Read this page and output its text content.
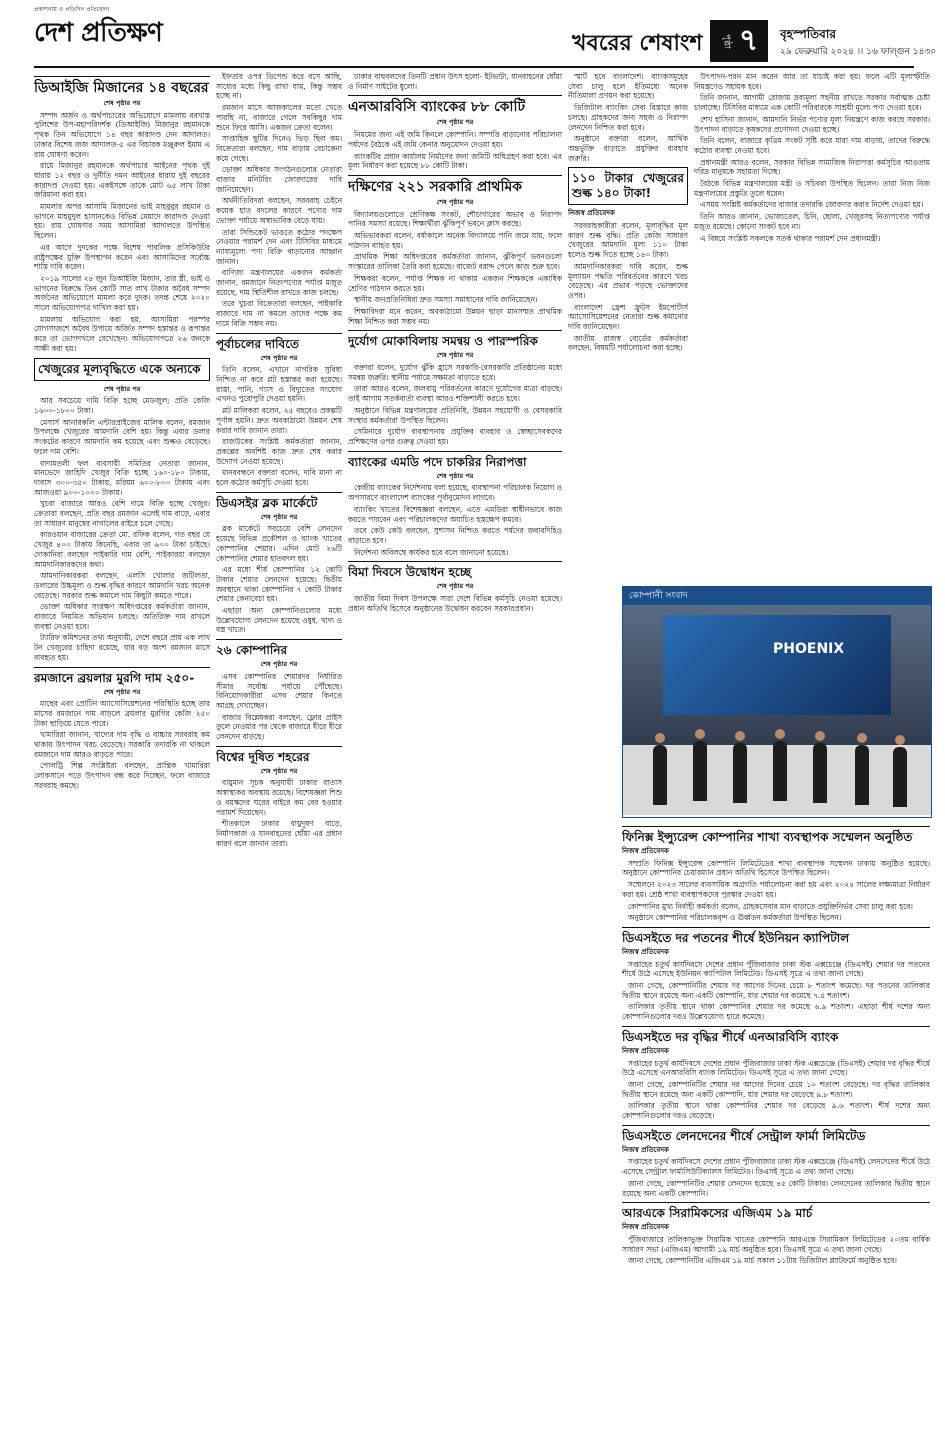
প্রকাশনায় ও প্রতিদিন প্রতিবেদন
দেশ প্রতিক্ষণ	খবরের শেষাংশ পৃষ্ঠা ৭ বৃহস্পতিবার
২৯ ফেব্রুয়ারি ২০২৪ ।। ১৬ ফাল্গুন ১৪৩০
ডিআইজি মিজানের ১৪ বছরের
শেষ পৃষ্ঠার পর

সম্পদ অর্জন ও অর্থপাচারের অভিযোগে মামলায় বরখাস্ত পুলিশের উপ-মহাপরিদর্শক (ডিআইজি) মিজানুর রহমানকে পৃথক তিন অভিযোগে ১৪ বছর কারাদণ্ড দেন আদালত। ঢাকার বিশেষ জজ আদালত-৫ এর বিচারক মঞ্জুরুল ইমাম এ রায় ঘোষণা করেন।

রায়ে মিজানুর রহমানকে অর্থপাচার আইনের পৃথক দুই ধারায় ১২ বছর ও দুর্নীতি দমন আইনের ধারায় দুই বছরের কারাদণ্ড দেওয়া হয়। একইসঙ্গে তাকে মোট ৬৫ লাখ টাকা জরিমানা করা হয়।

মামলার অপর আসামি মিজানের ভাই মাহবুবুর রহমান ও ভাগনে মাহমুদুল হাসানকেও বিভিন্ন মেয়াদে কারাদণ্ড দেওয়া হয়। রায় ঘোষণার সময় আসামিরা আদালতে উপস্থিত ছিলেন।

এর আগে দুদকের পক্ষে বিশেষ পাবলিক প্রসিকিউটর রাষ্ট্রপক্ষের যুক্তি উপস্থাপন করেন এবং আসামিদের সর্বোচ্চ শাস্তি দাবি করেন।

২০১৯ সালের ২৪ জুন ডিআইজি মিজান, তার স্ত্রী, ভাই ও ভাগনের বিরুদ্ধে তিন কোটি সাত লাখ টাকার অবৈধ সম্পদ অর্জনের অভিযোগে মামলা করে দুদক। তদন্ত শেষে ২০২০ সালে অভিযোগপত্র দাখিল করা হয়।

মামলায় অভিযোগ করা হয়, আসামিরা পরস্পর যোগসাজশে অবৈধ উপায়ে অর্জিত সম্পদ হস্তান্তর ও রূপান্তর করে তা ভোগদখলে রেখেছেন। অভিযোগপত্রে ২৬ জনকে সাক্ষী করা হয়।

খেজুরের মূল্যবৃদ্ধিতে একে অন্যকে
শেষ পৃষ্ঠার পর

আর সবচেয়ে দামি বিক্রি হচ্ছে মেডজুল; প্রতি কেজি ১৬০০-১৮০০ টাকা।

মেসার্স আনারকলি এন্টারপ্রাইজের মালিক বলেন, রমজান উপলক্ষে খেজুরের আমদানি বেশি হয়। কিন্তু এবার ডলার সংকটের কারণে আমদানি কম হয়েছে এবং শুল্কও বেড়েছে। ফলে দাম বেশি।

বাদামতলী ফল ব্যবসায়ী সমিতির নেতারা জানান, মানভেদে জাহিদি খেজুর বিক্রি হচ্ছে ১৬০-১৮০ টাকায়, দাবাস ৩০০-৩৫০ টাকায়, মরিয়ম ৬০০-৮০০ টাকায় এবং আজওয়া ৯০০-১০০০ টাকায়।

খুচরা বাজারে আরও বেশি দামে বিক্রি হচ্ছে খেজুর। ক্রেতারা বলছেন, প্রতি বছর রমজান এলেই দাম বাড়ে, এবার তা সাধারণ মানুষের নাগালের বাইরে চলে গেছে।

কারওয়ান বাজারের ক্রেতা মো. রফিক বলেন, গত বছর যে খেজুর ৪০০ টাকায় কিনেছি, এবার তা ৬০০ টাকা চাইছে। দোকানিরা বলছেন পাইকারি দাম বেশি, পাইকাররা বলছেন আমদানিকারকদের কথা।

আমদানিকারকরা বলছেন, এলসি খোলার জটিলতা, ডলারের উচ্চমূল্য ও শুল্ক বৃদ্ধির কারণে আমদানি খরচ অনেক বেড়েছে। সরকার শুল্ক কমালে দাম কিছুটা কমতে পারে।

ভোক্তা অধিকার সংরক্ষণ অধিদপ্তরের কর্মকর্তারা জানান, বাজারে নিয়মিত অভিযান চলছে। অতিরিক্ত দাম রাখলে ব্যবস্থা নেওয়া হবে।

ট্যারিফ কমিশনের তথ্য অনুযায়ী, দেশে বছরে প্রায় এক লাখ টন খেজুরের চাহিদা রয়েছে, যার বড় অংশ রমজান মাসে ব্যবহৃত হয়।

রমজানে ব্রয়লার মুরগি দাম ২৫০-
শেষ পৃষ্ঠার পর

মাছের এবং প্রোটিন অ্যাসোসিয়েশনের পরিস্থিতি হচ্ছে তার মাসের রমজানে দাম বাড়লে ব্রয়লার মুরগির কেজি ২৫০ টাকা ছাড়িয়ে যেতে পারে।

খামারিরা জানান, খাদ্যের দাম বৃদ্ধি ও বাচ্চার সরবরাহ কম থাকায় উৎপাদন খরচ বেড়েছে। সরকারি তদারকি না থাকলে রমজানে দাম আরও বাড়তে পারে।

পোলট্রি শিল্প সংশ্লিষ্টরা বলছেন, প্রান্তিক খামারিরা লোকসানে পড়ে উৎপাদন বন্ধ করে দিচ্ছেন, ফলে বাজারে সরবরাহ কমছে।

ইফতার ওপর ডিপেন্ড করে বসে আছি, সাধ্যের মধ্যে কিছু রাখা যায়, কিন্তু সম্ভব হচ্ছে না।

রমজান মাসে আজকালের মতো খেতে পারছি না, বাজারে গেলে সবকিছুর দাম শুনে ফিরে আসি। একজন ক্রেতা বলেন।

সাপ্তাহিক ছুটির দিনেও ভিড় ছিল কম। বিক্রেতারা বলছেন, দাম বাড়ায় বেচাকেনা কমে গেছে।

ভোক্তা অধিকার সংগঠনগুলোর নেতারা বাজার মনিটরিং জোরদারের দাবি জানিয়েছেন।

অর্থনীতিবিদরা বলছেন, সরবরাহ চেইনে কয়েক হাত বদলের কারণে পণ্যের দাম ভোক্তা পর্যায়ে অস্বাভাবিক বেড়ে যায়।

তারা সিন্ডিকেট ভাঙতে কঠোর পদক্ষেপ নেওয়ার পরামর্শ দেন এবং টিসিবির মাধ্যমে ন্যায্যমূল্যে পণ্য বিক্রি বাড়ানোর আহ্বান জানান।

বাণিজ্য মন্ত্রণালয়ের একজন কর্মকর্তা জানান, রমজানে নিত্যপণ্যের পর্যাপ্ত মজুত রয়েছে, দাম স্থিতিশীল রাখতে কাজ চলছে।

তবে খুচরা বিক্রেতারা বলছেন, পাইকারি বাজারে দাম না কমলে তাদের পক্ষে কম দামে বিক্রি সম্ভব নয়।

পূর্বাচলের দাবিতে
শেষ পৃষ্ঠার পর

তিনি বলেন, এখানে নাগরিক সুবিধা নিশ্চিত না করে প্লট হস্তান্তর করা হয়েছে। রাস্তা, পানি, গ্যাস ও বিদ্যুতের সংযোগ এখনও পুরোপুরি দেওয়া হয়নি।

প্লট মালিকরা বলেন, ২৫ বছরেও প্রকল্পটি পূর্ণাঙ্গ হয়নি। দ্রুত অবকাঠামো উন্নয়ন শেষ করার দাবি জানান তারা।

রাজউকের সংশ্লিষ্ট কর্মকর্তারা জানান, প্রকল্পের অবশিষ্ট কাজ দ্রুত শেষ করার উদ্যোগ নেওয়া হয়েছে।

মানববন্ধনে বক্তারা বলেন, দাবি মানা না হলে কঠোর কর্মসূচি দেওয়া হবে।

ডিএসইর ব্লক মার্কেটে
শেষ পৃষ্ঠার পর

ব্লক মার্কেটে সবচেয়ে বেশি লেনদেন হয়েছে বিভিন্ন প্রকৌশল ও ব্যাংক খাতের কোম্পানির শেয়ার। এদিন মোট ২৬টি কোম্পানির শেয়ার হাতবদল হয়।

এর মধ্যে শীর্ষ কোম্পানির ১২ কোটি টাকার শেয়ার লেনদেন হয়েছে। দ্বিতীয় অবস্থানে থাকা কোম্পানির ৭ কোটি টাকার শেয়ার কেনাবেচা হয়।

এছাড়া অন্য কোম্পানিগুলোর মধ্যে উল্লেখযোগ্য লেনদেন হয়েছে ওষুধ, খাদ্য ও বস্ত্র খাতে।

২৬ কোম্পানির
শেষ পৃষ্ঠার পর

এসব কোম্পানির শেয়ারদর নির্ধারিত সীমার সর্বোচ্চ পর্যায়ে পৌঁছেছে। বিনিয়োগকারীরা এসব শেয়ার কিনতে আগ্রহ দেখাচ্ছেন।

বাজার বিশ্লেষকরা বলছেন, ফ্লোর প্রাইস তুলে নেওয়ার পর থেকে বাজারে ধীরে ধীরে লেনদেন বাড়ছে।

বিশ্বের দূষিত শহরের
শেষ পৃষ্ঠার পর

বায়ুমান সূচক অনুযায়ী ঢাকার বাতাস অস্বাস্থ্যকর অবস্থায় রয়েছে। বিশেষজ্ঞরা শিশু ও বয়স্কদের ঘরের বাইরে কম বের হওয়ার পরামর্শ দিয়েছেন।

শীতকালে ঢাকার বায়ুদূষণ বাড়ে, নির্মাণকাজ ও যানবাহনের ধোঁয়া এর প্রধান কারণ বলে জানান তারা।

ঢাকার বাহুবলদের তিনটি প্রধান উৎস হলো- ইটভাটা, যানবাহনের ধোঁয়া ও নির্মাণ সাইটের ধুলো।

এনআরবিসি ব্যাংকের ৮৮ কোটি
শেষ পৃষ্ঠার পর

নিয়মের জন্য এই জমি কিনলে কোম্পানি। সম্পত্তি বাড়ানোর পরিচালনা পর্ষদের বৈঠকে এই জমি কেনার অনুমোদন দেওয়া হয়।

ব্যাংকটির প্রধান কার্যালয় নির্মাণের জন্য জমিটি অধিগ্রহণ করা হবে। এর মূল্য নির্ধারণ করা হয়েছে ৮৮ কোটি টাকা।

দক্ষিণের ২২১ সরকারি প্রাথমিক
শেষ পৃষ্ঠার পর

বিদ্যালয়গুলোতে শ্রেণিকক্ষ সংকট, শৌচাগারের অভাব ও নিরাপদ পানির সমস্যা রয়েছে। শিক্ষার্থীরা ঝুঁকিপূর্ণ ভবনে ক্লাস করছে।

অভিভাবকরা বলেন, বর্ষাকালে অনেক বিদ্যালয়ে পানি জমে যায়, ফলে পাঠদান ব্যাহত হয়।

প্রাথমিক শিক্ষা অধিদপ্তরের কর্মকর্তারা জানান, ঝুঁকিপূর্ণ ভবনগুলো সংস্কারের তালিকা তৈরি করা হয়েছে। বাজেট বরাদ্দ পেলে কাজ শুরু হবে।

শিক্ষকরা বলেন, পর্যাপ্ত শিক্ষক না থাকায় একজন শিক্ষককে একাধিক শ্রেণির পাঠদান করতে হয়।

স্থানীয় জনপ্রতিনিধিরা দ্রুত সমস্যা সমাধানের দাবি জানিয়েছেন।

শিক্ষাবিদরা মনে করেন, অবকাঠামো উন্নয়ন ছাড়া মানসম্মত প্রাথমিক শিক্ষা নিশ্চিত করা সম্ভব নয়।

দুর্যোগ মোকাবিলায় সমন্বয় ও পারস্পরিক
শেষ পৃষ্ঠার পর

বক্তারা বলেন, দুর্যোগ ঝুঁকি হ্রাসে সরকারি-বেসরকারি প্রতিষ্ঠানের মধ্যে সমন্বয় জরুরি। স্থানীয় পর্যায়ে সক্ষমতা বাড়াতে হবে।

তারা আরও বলেন, জলবায়ু পরিবর্তনের কারণে দুর্যোগের মাত্রা বাড়ছে। তাই আগাম সতর্কবার্তা ব্যবস্থা আরও শক্তিশালী করতে হবে।

অনুষ্ঠানে বিভিন্ন মন্ত্রণালয়ের প্রতিনিধি, উন্নয়ন সহযোগী ও বেসরকারি সংস্থার কর্মকর্তারা উপস্থিত ছিলেন।

সেমিনারে দুর্যোগ ব্যবস্থাপনায় প্রযুক্তির ব্যবহার ও স্বেচ্ছাসেবকদের প্রশিক্ষণের ওপর গুরুত্ব দেওয়া হয়।

ব্যাংকের এমডি পদে চাকরির নিরাপত্তা
শেষ পৃষ্ঠার পর

কেন্দ্রীয় ব্যাংকের নির্দেশনায় বলা হয়েছে, ব্যবস্থাপনা পরিচালক নিয়োগ ও অপসারণে বাংলাদেশ ব্যাংকের পূর্বানুমোদন লাগবে।

ব্যাংকিং খাতের বিশেষজ্ঞরা বলছেন, এতে এমডিরা স্বাধীনভাবে কাজ করতে পারবেন এবং পরিচালকদের অযাচিত হস্তক্ষেপ কমবে।

তবে কেউ কেউ বলছেন, সুশাসন নিশ্চিত করতে পর্ষদের জবাবদিহিও বাড়াতে হবে।

নির্দেশনা অবিলম্বে কার্যকর হবে বলে জানানো হয়েছে।

বিমা দিবসে উদ্বোধন হচ্ছে
শেষ পৃষ্ঠার পর

জাতীয় বিমা দিবস উপলক্ষে সারা দেশে বিভিন্ন কর্মসূচি নেওয়া হয়েছে। প্রধান অতিথি হিসেবে অনুষ্ঠানের উদ্বোধন করবেন সরকারপ্রধান।

স্মার্ট হবে বাংলাদেশ। ব্যাংকসমূহের সেবা চালু হলে ইতিমধ্যে অনেক নীতিমালা প্রণয়ন করা হয়েছে।

ডিজিটাল ব্যাংকিং সেবা বিস্তারে কাজ চলছে। গ্রাহকদের জন্য সহজ ও নিরাপদ লেনদেন নিশ্চিত করা হবে।

অনুষ্ঠানে বক্তারা বলেন, আর্থিক অন্তর্ভুক্তি বাড়াতে প্রযুক্তির ব্যবহার জরুরি।

১১০ টাকার খেজুরের শুল্ক ১৪০ টাকা!
নিজস্ব প্রতিবেদক

সরবরাহকারীরা বলেন, মূল্যবৃদ্ধির মূল কারণ শুল্ক বৃদ্ধি। প্রতি কেজি সাধারণ খেজুরের আমদানি মূল্য ১১০ টাকা হলেও শুল্ক দিতে হচ্ছে ১৪০ টাকা।

আমদানিকারকরা দাবি করেন, শুল্ক মূল্যায়ন পদ্ধতি পরিবর্তনের কারণে খরচ বেড়েছে। এর প্রভাব পড়ছে ভোক্তাদের ওপর।

বাংলাদেশ ফ্রেশ ফ্রুটস ইমপোর্টার্স অ্যাসোসিয়েশনের নেতারা শুল্ক কমানোর দাবি জানিয়েছেন।

জাতীয় রাজস্ব বোর্ডের কর্মকর্তারা বলছেন, বিষয়টি পর্যালোচনা করা হচ্ছে।

উৎপাদন-পরন মান করেন আর তা যাচাই করা হয়। ফলে এটি মূল্যস্ফীতি নিয়ন্ত্রণেও সহায়ক হবে।

তিনি জানান, আগামী রোজায় দ্রব্যমূল্য সহনীয় রাখতে সরকার সর্বাত্মক চেষ্টা চালাচ্ছে। টিসিবির মাধ্যমে এক কোটি পরিবারকে সাশ্রয়ী মূল্যে পণ্য দেওয়া হবে।

শেখ হাসিনা জানান, আমদানি নির্ভর পণ্যের মূল্য নিয়ন্ত্রণে কাজ করছে সরকার। উৎপাদন বাড়াতে কৃষকদের প্রণোদনা দেওয়া হচ্ছে।

তিনি বলেন, বাজারে কৃত্রিম সংকট সৃষ্টি করে যারা দাম বাড়ায়, তাদের বিরুদ্ধে কঠোর ব্যবস্থা নেওয়া হবে।

প্রধানমন্ত্রী আরও বলেন, সরকার বিভিন্ন সামাজিক নিরাপত্তা কর্মসূচির আওতায় দরিদ্র মানুষকে সহায়তা দিচ্ছে।

বৈঠকে বিভিন্ন মন্ত্রণালয়ের মন্ত্রী ও সচিবরা উপস্থিত ছিলেন। তারা নিজ নিজ মন্ত্রণালয়ের প্রস্তুতি তুলে ধরেন।

এসময় সংশ্লিষ্ট কর্মকর্তাদের বাজার তদারকি জোরদার করার নির্দেশ দেওয়া হয়।

তিনি আরও জানান, ভোজ্যতেল, চিনি, ছোলা, খেজুরসহ নিত্যপণ্যের পর্যাপ্ত মজুত রয়েছে। কোনো সংকট হবে না।

এ বিষয়ে সংশ্লিষ্ট সকলকে সতর্ক থাকার পরামর্শ দেন প্রধানমন্ত্রী।

কোম্পানী সংবাদ
PHOENIX
ফিনিক্স ইন্স্যুরেন্স কোম্পানির শাখা ব্যবস্থাপক সম্মেলন অনুষ্ঠিত
নিজস্ব প্রতিবেদক

সম্প্রতি ফিনিক্স ইন্স্যুরেন্স কোম্পানি লিমিটেডের শাখা ব্যবস্থাপক সম্মেলন ঢাকায় অনুষ্ঠিত হয়েছে। অনুষ্ঠানে কোম্পানির চেয়ারম্যান প্রধান অতিথি হিসেবে উপস্থিত ছিলেন।

সম্মেলনে ২০২৩ সালের ব্যবসায়িক অগ্রগতি পর্যালোচনা করা হয় এবং ২০২৪ সালের লক্ষ্যমাত্রা নির্ধারণ করা হয়। শ্রেষ্ঠ শাখা ব্যবস্থাপকদের পুরস্কার দেওয়া হয়।

কোম্পানির মুখ্য নির্বাহী কর্মকর্তা বলেন, গ্রাহকসেবার মান বাড়াতে প্রযুক্তিনির্ভর সেবা চালু করা হবে।

অনুষ্ঠানে কোম্পানির পরিচালকবৃন্দ ও ঊর্ধ্বতন কর্মকর্তারা উপস্থিত ছিলেন।

ডিএসইতে দর পতনের শীর্ষে ইউনিয়ন ক্যাপিটাল
নিজস্ব প্রতিবেদক

সপ্তাহের চতুর্থ কার্যদিবসে দেশের প্রধান পুঁজিবাজার ঢাকা স্টক এক্সচেঞ্জে (ডিএসই) শেয়ার দর পতনের শীর্ষে উঠে এসেছে ইউনিয়ন ক্যাপিটাল লিমিটেড। ডিএসই সূত্রে এ তথ্য জানা গেছে।

জানা গেছে, কোম্পানিটির শেয়ার দর আগের দিনের চেয়ে ৮ শতাংশ কমেছে। দর পতনের তালিকার দ্বিতীয় স্থানে রয়েছে অন্য একটি কোম্পানি, যার শেয়ার দর কমেছে ৭.৫ শতাংশ।

তালিকার তৃতীয় স্থানে থাকা কোম্পানির শেয়ার দর কমেছে ৬.৯ শতাংশ। এছাড়া শীর্ষ দশের অন্য কোম্পানিগুলোর দরও উল্লেখযোগ্য হারে কমেছে।

ডিএসইতে দর বৃদ্ধির শীর্ষে এনআরবিসি ব্যাংক
নিজস্ব প্রতিবেদক

সপ্তাহের চতুর্থ কার্যদিবসে দেশের প্রধান পুঁজিবাজার ঢাকা স্টক এক্সচেঞ্জে (ডিএসই) শেয়ার দর বৃদ্ধির শীর্ষে উঠে এসেছে এনআরবিসি ব্যাংক লিমিটেড। ডিএসই সূত্রে এ তথ্য জানা গেছে।

জানা গেছে, কোম্পানিটির শেয়ার দর আগের দিনের চেয়ে ১০ শতাংশ বেড়েছে। দর বৃদ্ধির তালিকার দ্বিতীয় স্থানে রয়েছে অন্য একটি কোম্পানি, যার শেয়ার দর বেড়েছে ৯.৮ শতাংশ।

তালিকার তৃতীয় স্থানে থাকা কোম্পানির শেয়ার দর বেড়েছে ৯.৬ শতাংশ। শীর্ষ দশের অন্য কোম্পানিগুলোর দরও বেড়েছে।

ডিএসইতে লেনদেনের শীর্ষে সেন্ট্রাল ফার্মা লিমিটেড
নিজস্ব প্রতিবেদক

সপ্তাহের চতুর্থ কার্যদিবসে দেশের প্রধান পুঁজিবাজার ঢাকা স্টক এক্সচেঞ্জে (ডিএসই) লেনদেনের শীর্ষে উঠে এসেছে সেন্ট্রাল ফার্মাসিউটিক্যালস লিমিটেড। ডিএসই সূত্রে এ তথ্য জানা গেছে।

জানা গেছে, কোম্পানিটির শেয়ার লেনদেন হয়েছে ৪৫ কোটি টাকার। লেনদেনের তালিকার দ্বিতীয় স্থানে রয়েছে অন্য একটি কোম্পানি।

আরএকে সিরামিকসের এজিএম ১৯ মার্চ
নিজস্ব প্রতিবেদক

পুঁজিবাজারে তালিকাভুক্ত সিরামিক খাতের কোম্পানি আরএকে সিরামিকস লিমিটেডের ২০তম বার্ষিক সাধারণ সভা (এজিএম) আগামী ১৯ মার্চ অনুষ্ঠিত হবে। ডিএসই সূত্রে এ তথ্য জানা গেছে।

জানা গেছে, কোম্পানিটির এজিএম ১৯ মার্চ সকাল ১১টায় ডিজিটাল প্ল্যাটফর্মে অনুষ্ঠিত হবে।
